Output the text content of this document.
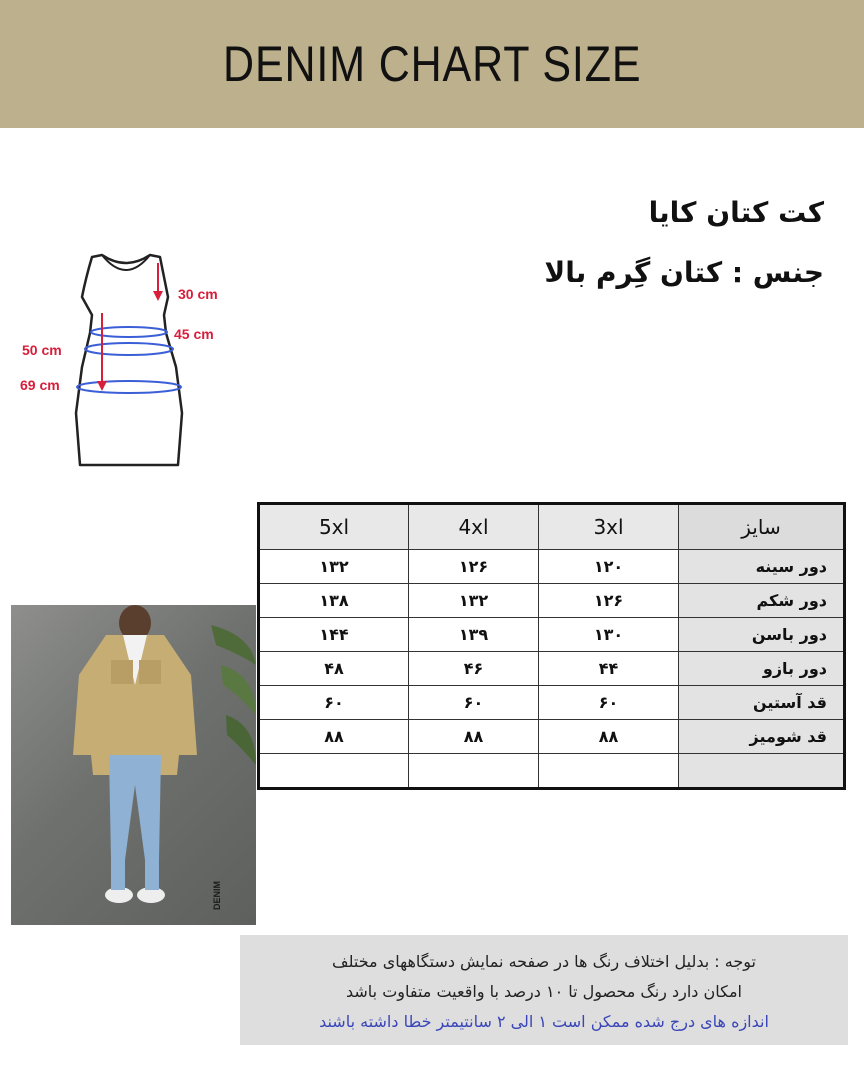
DENIM CHART SIZE
کت کتان کایا
جنس : کتان گِرم بالا
30 cm
45 cm
50 cm
69 cm
سایز	3xl	4xl	5xl
دور سینه	۱۲۰	۱۲۶	۱۳۲
دور شکم	۱۲۶	۱۳۲	۱۳۸
دور باسن	۱۳۰	۱۳۹	۱۴۴
دور بازو	۴۴	۴۶	۴۸
قد آستین	۶۰	۶۰	۶۰
قد شومیز	۸۸	۸۸	۸۸

DENIM

توجه : بدلیل اختلاف رنگ ها در صفحه نمایش دستگاههای مختلف

امکان دارد رنگ محصول تا ۱۰ درصد با واقعیت متفاوت باشد

اندازه های درج شده ممکن است ۱ الی ۲ سانتیمتر خطا داشته باشند
